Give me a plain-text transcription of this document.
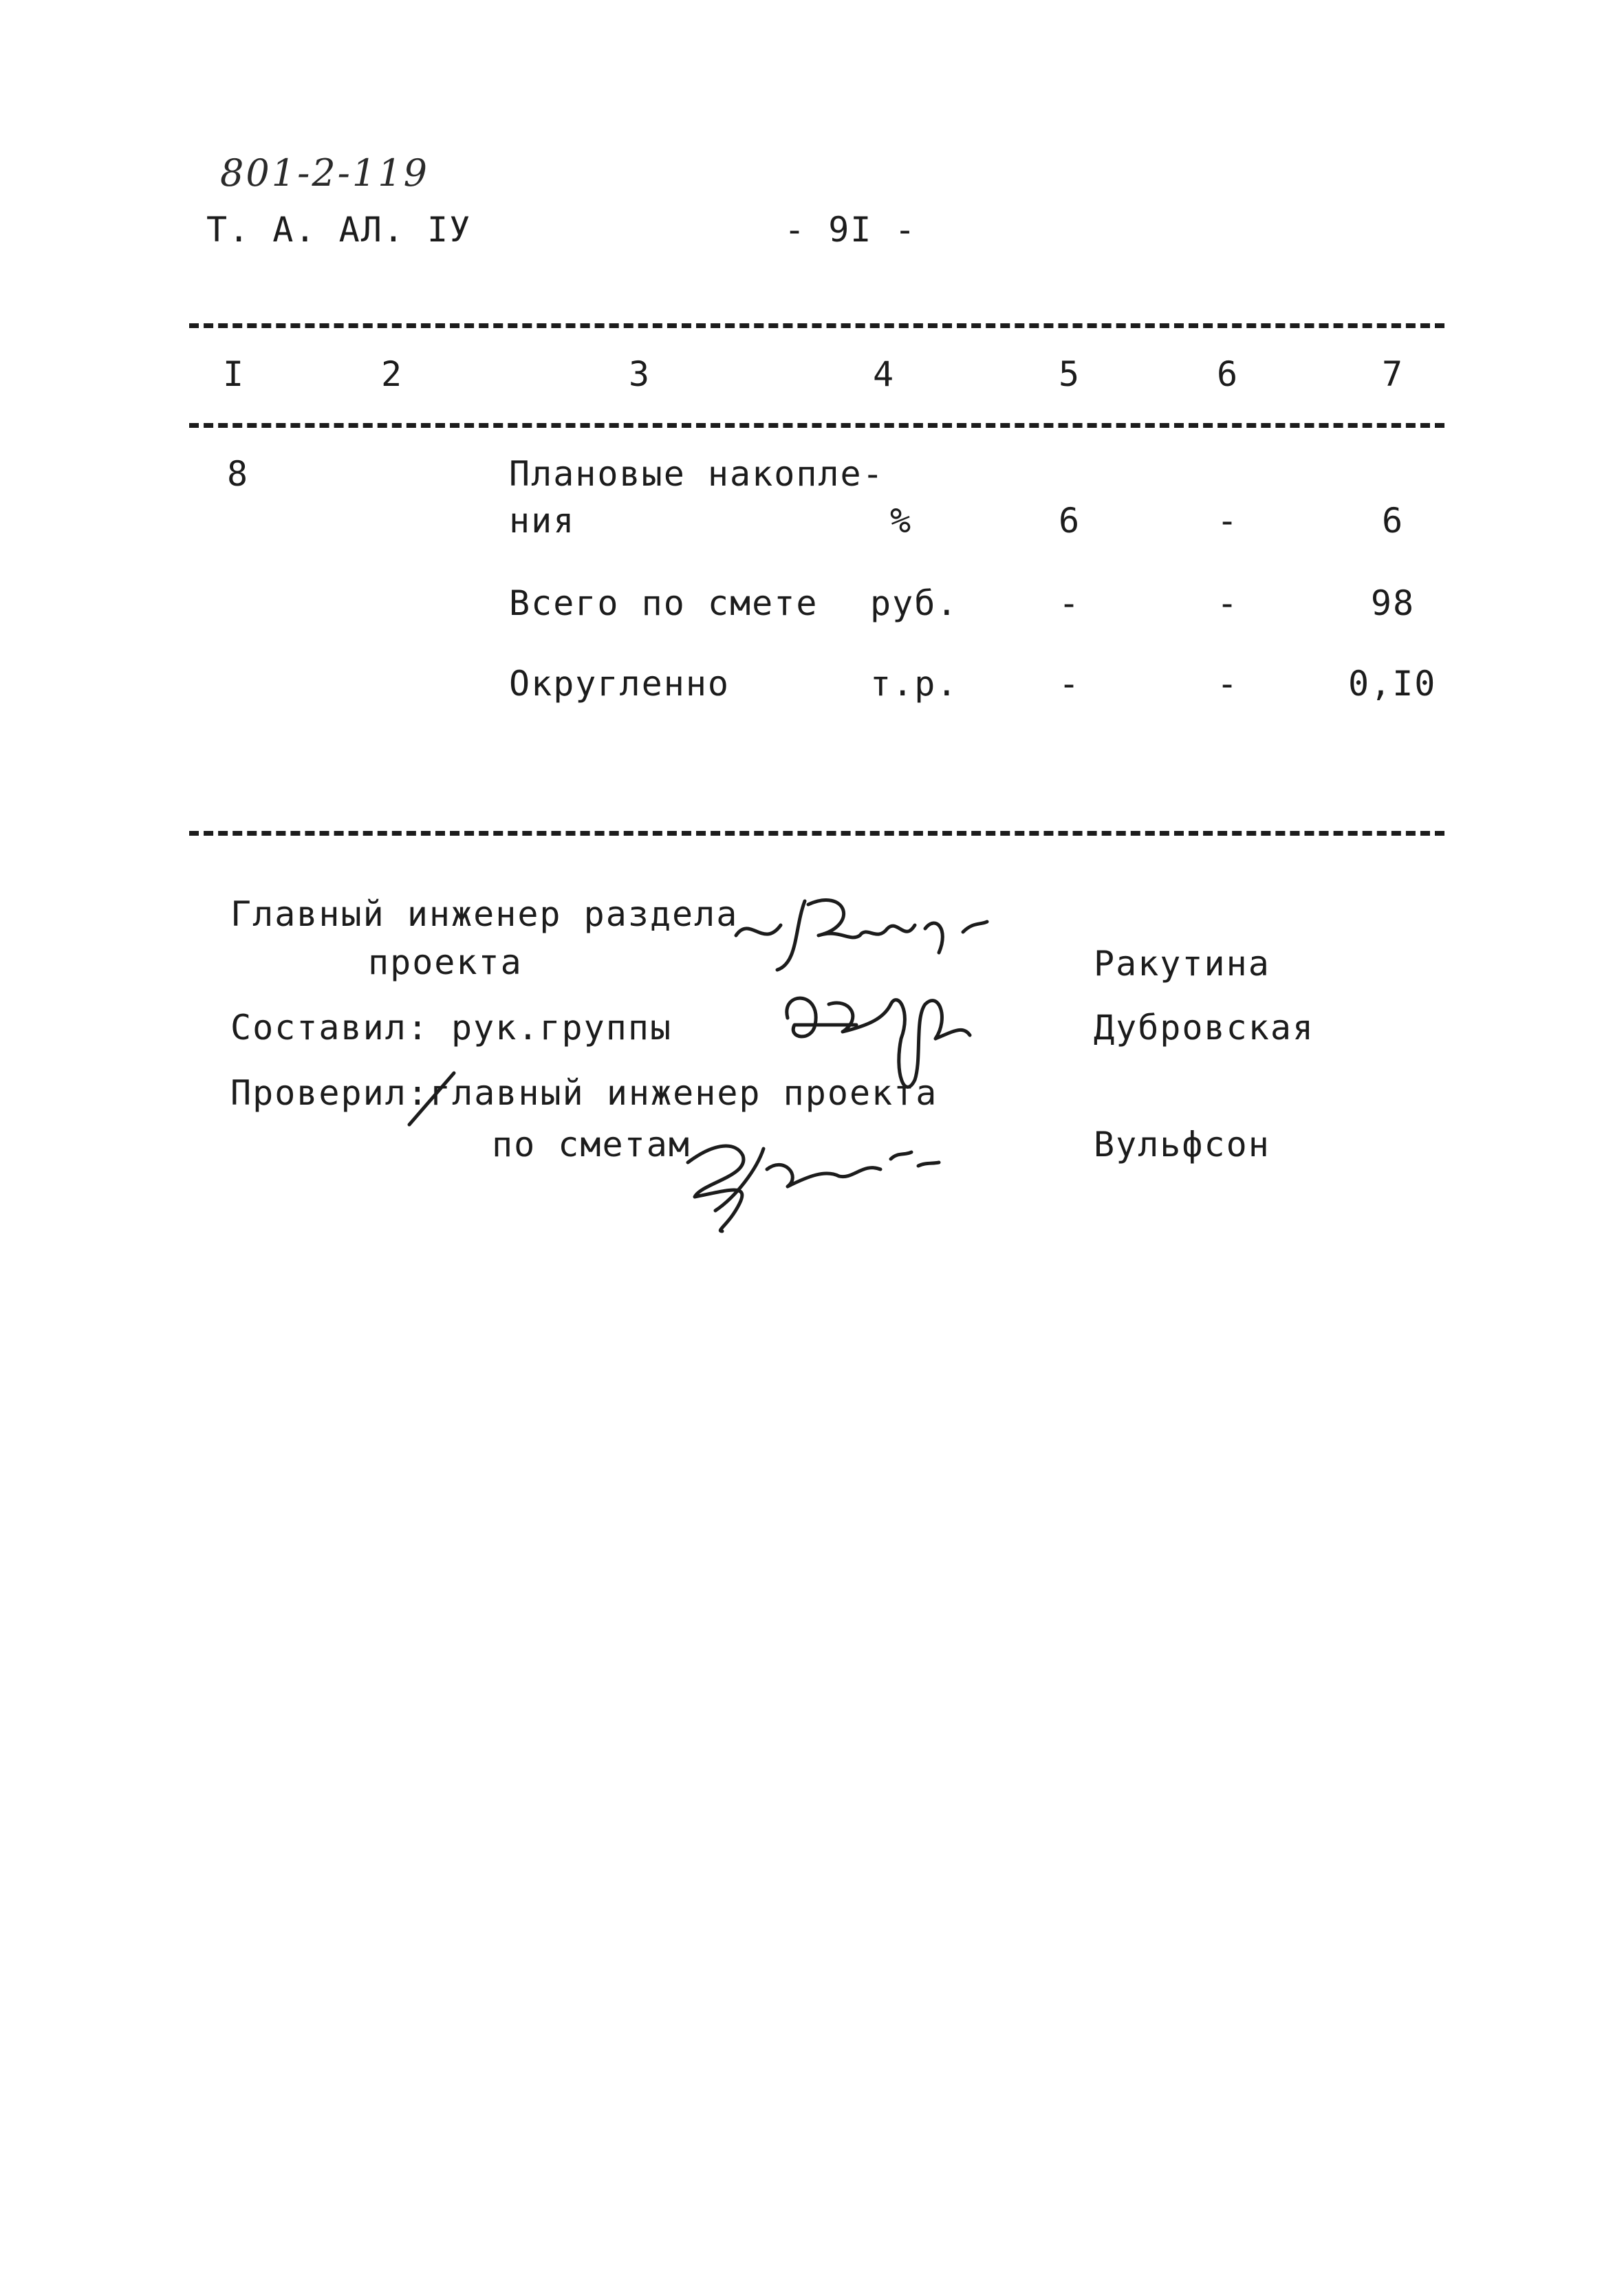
801-2-119
Т. А. АЛ. IУ	- 9I -
I	2	3	4	5	6	7
8	Плановые накопле-
ния	%	6	-	6
Всего по смете руб.	-	-	98
Округленно	т.р.	-	-	0,I0
Главный инженер раздела
проекта	Ракутина
Составил: рук.группы	Дубровская
Проверил: главный инженер проекта
по сметам	Вульфсон
